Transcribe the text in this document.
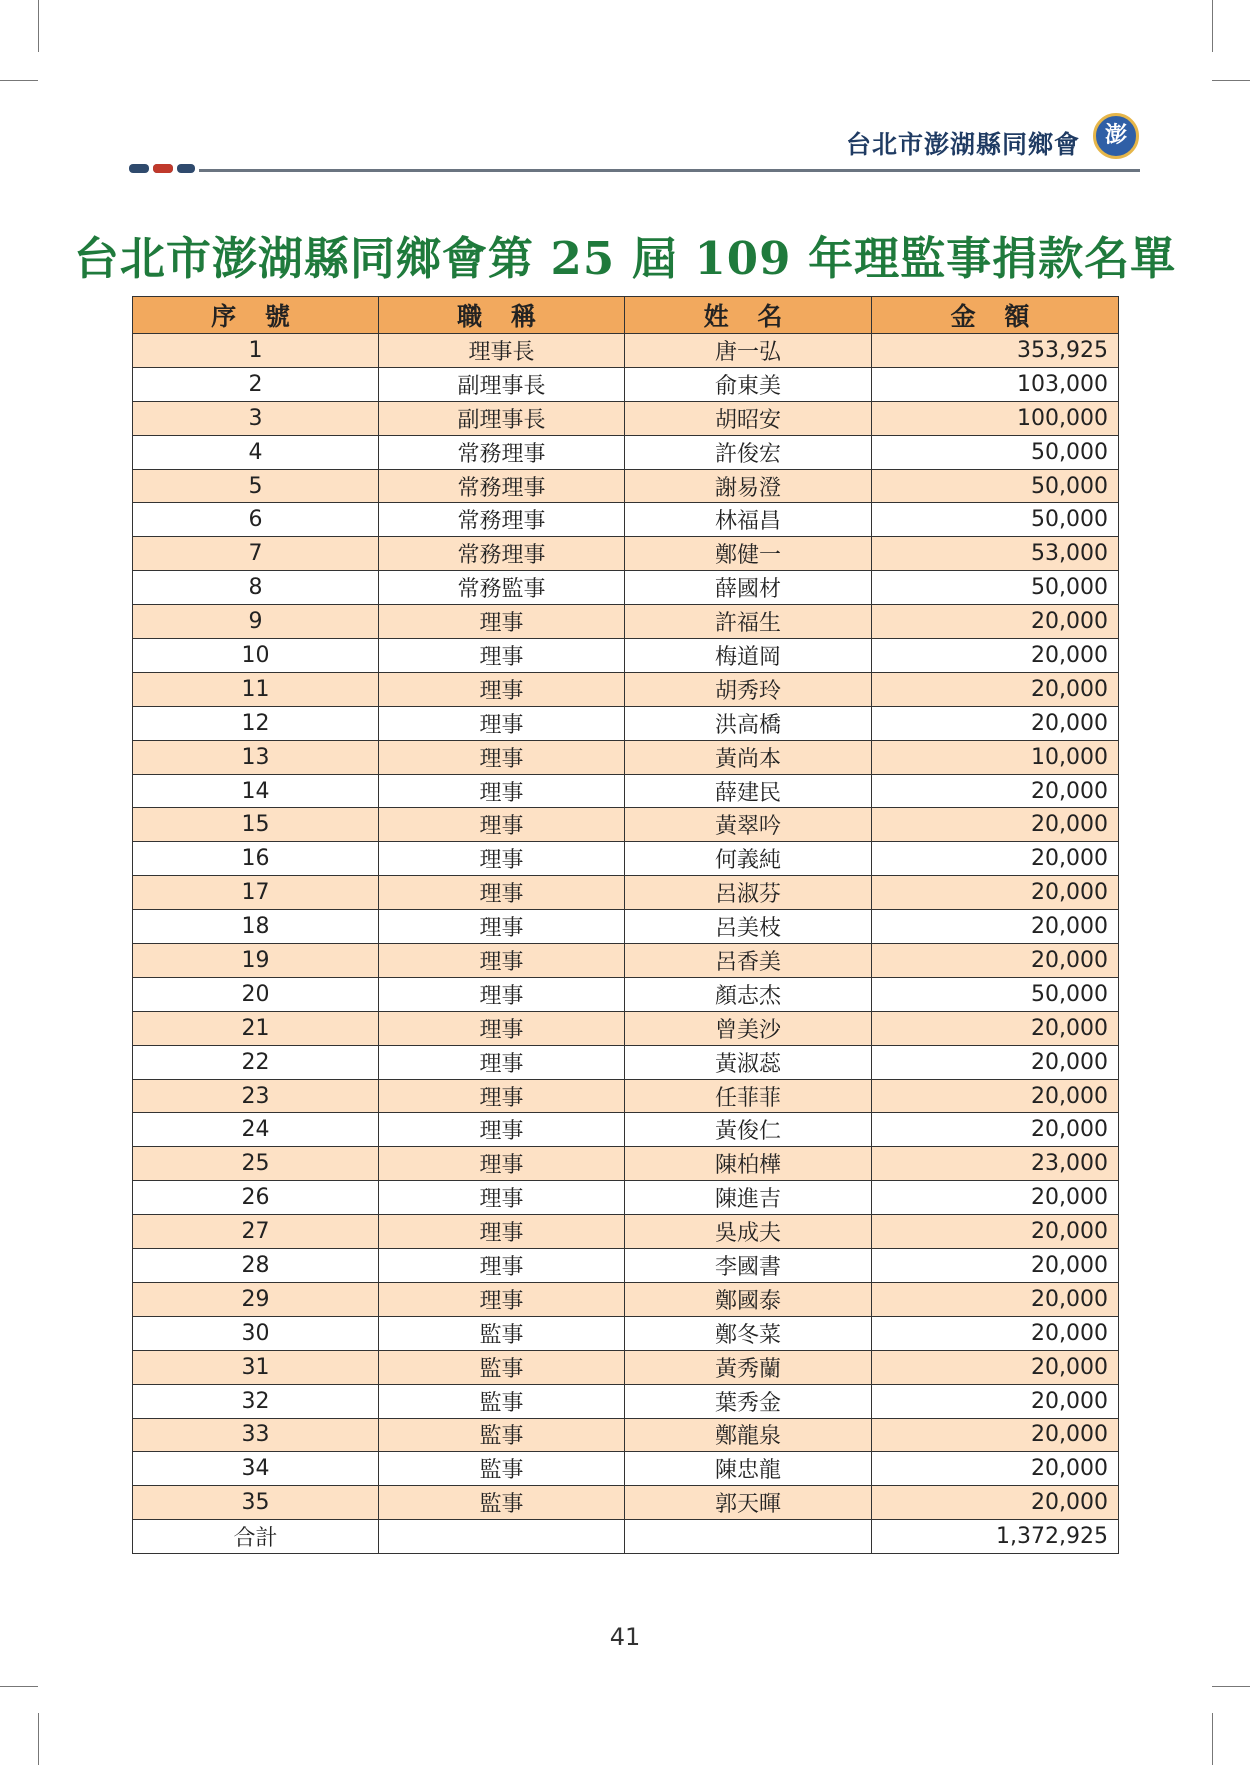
台北市澎湖縣同鄉會	澎
台北市澎湖縣同鄉會第 25 屆 109 年理監事捐款名單
序 號	職 稱	姓 名	金 額
1	理事長	唐一弘	353,925
2	副理事長	俞東美	103,000
3	副理事長	胡昭安	100,000
4	常務理事	許俊宏	50,000
5	常務理事	謝易澄	50,000
6	常務理事	林福昌	50,000
7	常務理事	鄭健一	53,000
8	常務監事	薛國材	50,000
9	理事	許福生	20,000
10	理事	梅道岡	20,000
11	理事	胡秀玲	20,000
12	理事	洪高橋	20,000
13	理事	黃尚本	10,000
14	理事	薛建民	20,000
15	理事	黃翠吟	20,000
16	理事	何義純	20,000
17	理事	呂淑芬	20,000
18	理事	呂美枝	20,000
19	理事	呂香美	20,000
20	理事	顏志杰	50,000
21	理事	曾美沙	20,000
22	理事	黃淑蕊	20,000
23	理事	任菲菲	20,000
24	理事	黃俊仁	20,000
25	理事	陳柏樺	23,000
26	理事	陳進吉	20,000
27	理事	吳成夫	20,000
28	理事	李國書	20,000
29	理事	鄭國泰	20,000
30	監事	鄭冬菜	20,000
31	監事	黃秀蘭	20,000
32	監事	葉秀金	20,000
33	監事	鄭龍泉	20,000
34	監事	陳忠龍	20,000
35	監事	郭天暉	20,000
合計			1,372,925
41
